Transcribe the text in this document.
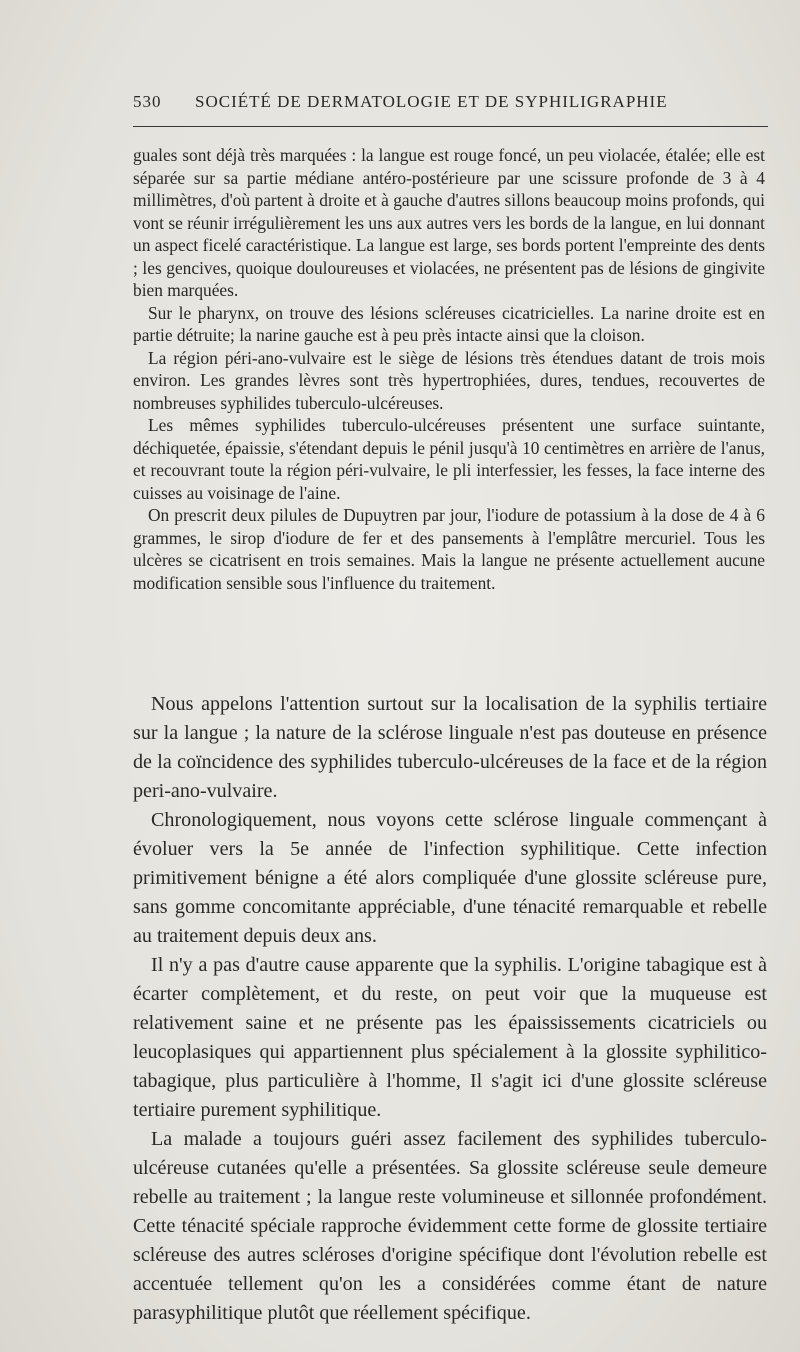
530 SOCIÉTÉ DE DERMATOLOGIE ET DE SYPHILIGRAPHIE

guales sont déjà très marquées : la langue est rouge foncé, un peu violacée, étalée; elle est séparée sur sa partie médiane antéro-postérieure par une scissure profonde de 3 à 4 millimètres, d'où partent à droite et à gauche d'autres sillons beaucoup moins profonds, qui vont se réunir irrégulièrement les uns aux autres vers les bords de la langue, en lui donnant un aspect ficelé caractéristique. La langue est large, ses bords portent l'empreinte des dents ; les gencives, quoique douloureuses et violacées, ne présentent pas de lésions de gingivite bien marquées.

Sur le pharynx, on trouve des lésions scléreuses cicatricielles. La narine droite est en partie détruite; la narine gauche est à peu près intacte ainsi que la cloison.

La région péri-ano-vulvaire est le siège de lésions très étendues datant de trois mois environ. Les grandes lèvres sont très hypertrophiées, dures, tendues, recouvertes de nombreuses syphilides tuberculo-ulcéreuses.

Les mêmes syphilides tuberculo-ulcéreuses présentent une surface suintante, déchiquetée, épaissie, s'étendant depuis le pénil jusqu'à 10 centimètres en arrière de l'anus, et recouvrant toute la région péri-vulvaire, le pli interfessier, les fesses, la face interne des cuisses au voisinage de l'aine.

On prescrit deux pilules de Dupuytren par jour, l'iodure de potassium à la dose de 4 à 6 grammes, le sirop d'iodure de fer et des pansements à l'emplâtre mercuriel. Tous les ulcères se cicatrisent en trois semaines. Mais la langue ne présente actuellement aucune modification sensible sous l'influence du traitement.

Nous appelons l'attention surtout sur la localisation de la syphilis tertiaire sur la langue ; la nature de la sclérose linguale n'est pas douteuse en présence de la coïncidence des syphilides tuberculo-ulcéreuses de la face et de la région peri-ano-vulvaire.

Chronologiquement, nous voyons cette sclérose linguale commençant à évoluer vers la 5e année de l'infection syphilitique. Cette infection primitivement bénigne a été alors compliquée d'une glossite scléreuse pure, sans gomme concomitante appréciable, d'une ténacité remarquable et rebelle au traitement depuis deux ans.

Il n'y a pas d'autre cause apparente que la syphilis. L'origine tabagique est à écarter complètement, et du reste, on peut voir que la muqueuse est relativement saine et ne présente pas les épaississements cicatriciels ou leucoplasiques qui appartiennent plus spécialement à la glossite syphilitico-tabagique, plus particulière à l'homme, Il s'agit ici d'une glossite scléreuse tertiaire purement syphilitique.

La malade a toujours guéri assez facilement des syphilides tuberculo-ulcéreuse cutanées qu'elle a présentées. Sa glossite scléreuse seule demeure rebelle au traitement ; la langue reste volumineuse et sillonnée profondément. Cette ténacité spéciale rapproche évidemment cette forme de glossite tertiaire scléreuse des autres scléroses d'origine spécifique dont l'évolution rebelle est accentuée tellement qu'on les a considérées comme étant de nature parasyphilitique plutôt que réellement spécifique.
